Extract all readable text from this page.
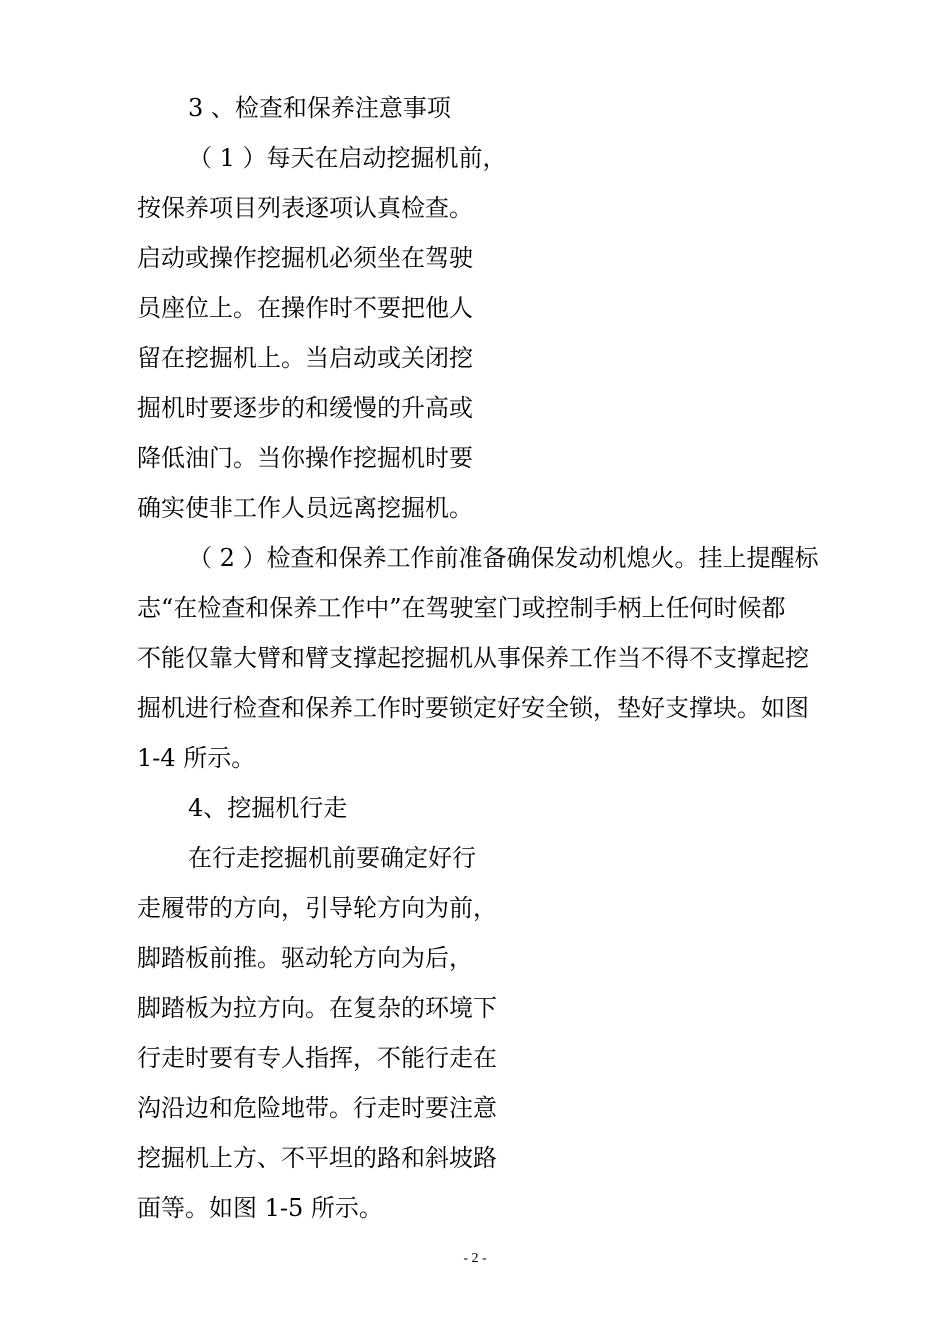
3 、检查和保养注意事项
（ 1 ）每天在启动挖掘机前，
按保养项目列表逐项认真检查。
启动或操作挖掘机必须坐在驾驶
员座位上。在操作时不要把他人
留在挖掘机上。当启动或关闭挖
掘机时要逐步的和缓慢的升高或
降低油门。当你操作挖掘机时要
确实使非工作人员远离挖掘机。
（ 2 ）检查和保养工作前准备确保发动机熄火。挂上提醒标
志“在检查和保养工作中”在驾驶室门或控制手柄上任何时候都
不能仅靠大臂和臂支撑起挖掘机从事保养工作当不得不支撑起挖
掘机进行检查和保养工作时要锁定好安全锁，垫好支撑块。如图
1-4 所示。
4、挖掘机行走
在行走挖掘机前要确定好行
走履带的方向，引导轮方向为前，
脚踏板前推。驱动轮方向为后，
脚踏板为拉方向。在复杂的环境下
行走时要有专人指挥，不能行走在
沟沿边和危险地带。行走时要注意
挖掘机上方、不平坦的路和斜坡路
面等。如图 1-5 所示。
- 2 -
